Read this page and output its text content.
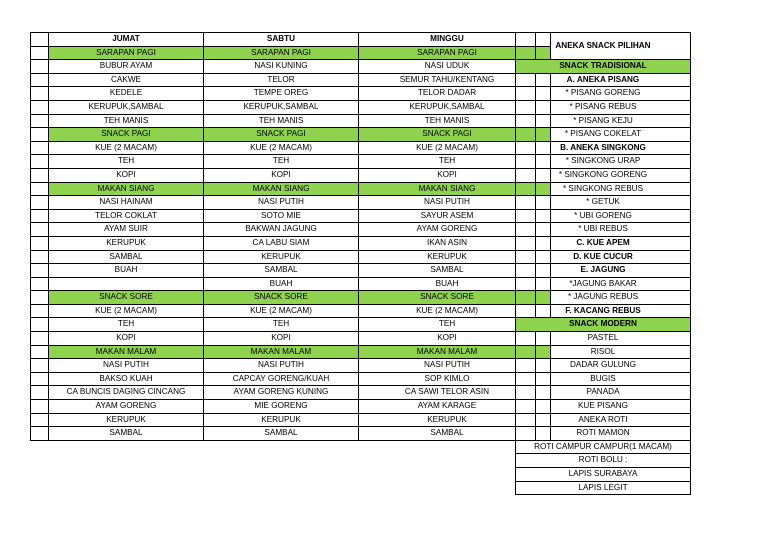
	JUMAT	SABTU	MINGGU	
	SARAPAN PAGI	SARAPAN PAGI	SARAPAN PAGI	
	BUBUR AYAM	NASI KUNING	NASI UDUK	
	CAKWE	TELOR	SEMUR TAHU/KENTANG	
	KEDELE	TEMPE OREG	TELOR DADAR	
	KERUPUK,SAMBAL	KERUPUK,SAMBAL	KERUPUK,SAMBAL	
	TEH MANIS	TEH MANIS	TEH MANIS	
	SNACK PAGI	SNACK PAGI	SNACK PAGI	
	KUE (2 MACAM)	KUE (2 MACAM)	KUE (2 MACAM)	
	TEH	TEH	TEH	
	KOPI	KOPI	KOPI	
	MAKAN SIANG	MAKAN SIANG	MAKAN SIANG	
	NASI HAINAM	NASI PUTIH	NASI PUTIH	
	TELOR COKLAT	SOTO MIE	SAYUR ASEM	
	AYAM SUIR	BAKWAN JAGUNG	AYAM GORENG	
	KERUPUK	CA LABU SIAM	IKAN ASIN	
	SAMBAL	KERUPUK	KERUPUK	
	BUAH	SAMBAL	SAMBAL	
		BUAH	BUAH	
	SNACK SORE	SNACK SORE	SNACK SORE	
	KUE (2 MACAM)	KUE (2 MACAM)	KUE (2 MACAM)	
	TEH	TEH	TEH	
	KOPI	KOPI	KOPI	
	MAKAN MALAM	MAKAN MALAM	MAKAN MALAM	
	NASI PUTIH	NASI PUTIH	NASI PUTIH	
	BAKSO KUAH	CAPCAY GORENG/KUAH	SOP KIMLO	
	CA BUNCIS DAGING CINCANG	AYAM GORENG KUNING	CA SAWI TELOR ASIN	
	AYAM GORENG	MIE GORENG	AYAM KARAGE	
	KERUPUK	KERUPUK	KERUPUK	
	SAMBAL	SAMBAL	SAMBAL	
ANEKA SNACK PILIHAN
SNACK TRADISIONAL
A. ANEKA PISANG
* PISANG GORENG
* PISANG REBUS
* PISANG KEJU
* PISANG COKELAT
B. ANEKA SINGKONG
* SINGKONG URAP
* SINGKONG GORENG
* SINGKONG REBUS
* GETUK
* UBI GORENG
* UBI REBUS
C. KUE APEM
D. KUE CUCUR
E. JAGUNG
*JAGUNG BAKAR
* JAGUNG REBUS
F. KACANG REBUS
SNACK MODERN
PASTEL
RISOL
DADAR GULUNG
BUGIS
PANADA
KUE PISANG
ANEKA ROTI
ROTI MAMON
ROTI CAMPUR CAMPUR(1 MACAM)
ROTI BOLU :
LAPIS SURABAYA
LAPIS LEGIT
